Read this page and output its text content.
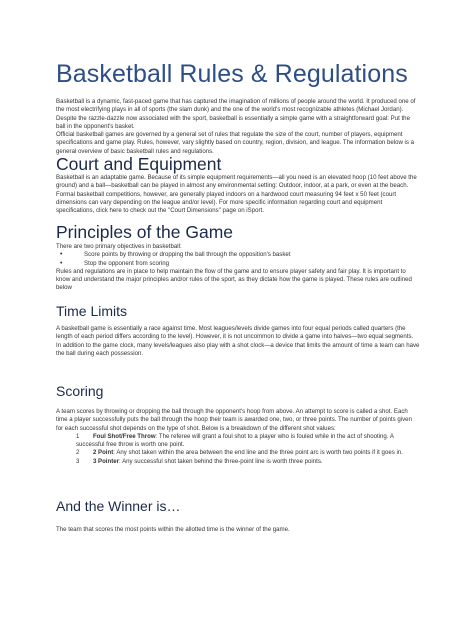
Basketball Rules & Regulations

Basketball is a dynamic, fast-paced game that has captured the imagination of millions of people around the world. It produced one of the most electrifying plays in all of sports (the slam dunk) and the one of the world's most recognizable athletes (Michael Jordan). Despite the razzle-dazzle now associated with the sport, basketball is essentially a simple game with a straightforward goal: Put the ball in the opponent's basket.

Official basketball games are governed by a general set of rules that regulate the size of the court, number of players, equipment specifications and game play. Rules, however, vary slightly based on country, region, division, and league. The information below is a general overview of basic basketball rules and regulations.

Court and Equipment

Basketball is an adaptable game. Because of its simple equipment requirements—all you need is an elevated hoop (10 feet above the ground) and a ball—basketball can be played in almost any environmental setting: Outdoor, indoor, at a park, or even at the beach. Formal basketball competitions, however, are generally played indoors on a hardwood court measuring 94 feet x 50 feet (court dimensions can vary depending on the league and/or level). For more specific information regarding court and equipment specifications, click here to check out the "Court Dimensions" page on iSport.

Principles of the Game

There are two primary objectives in basketball:

• Score points by throwing or dropping the ball through the opposition's basket
• Stop the opponent from scoring

Rules and regulations are in place to help maintain the flow of the game and to ensure player safety and fair play. It is important to know and understand the major principles and/or rules of the sport, as they dictate how the game is played. These rules are outlined below

Time Limits

A basketball game is essentially a race against time. Most leagues/levels divide games into four equal periods called quarters (the length of each period differs according to the level). However, it is not uncommon to divide a game into halves—two equal segments.

In addition to the game clock, many levels/leagues also play with a shot clock—a device that limits the amount of time a team can have the ball during each possession.

Scoring

A team scores by throwing or dropping the ball through the opponent's hoop from above. An attempt to score is called a shot. Each time a player successfully puts the ball through the hoop their team is awarded one, two, or three points. The number of points given for each successful shot depends on the type of shot. Below is a breakdown of the different shot values:

1 Foul Shot/Free Throw: The referee will grant a foul shot to a player who is fouled while in the act of shooting. A successful free throw is worth one point.
2 2 Point: Any shot taken within the area between the end line and the three point arc is worth two points if it goes in.
3 3 Pointer: Any successful shot taken behind the three-point line is worth three points.
And the Winner is…

The team that scores the most points within the allotted time is the winner of the game.
